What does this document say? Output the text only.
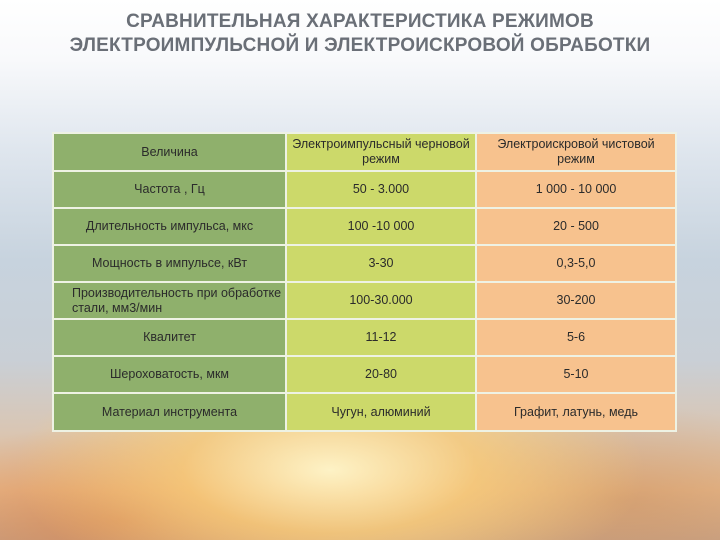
СРАВНИТЕЛЬНАЯ ХАРАКТЕРИСТИКА РЕЖИМОВ
ЭЛЕКТРОИМПУЛЬСНОЙ И ЭЛЕКТРОИСКРОВОЙ ОБРАБОТКИ
Величина	Электроимпульсный черновой режим	Электроискровой чистовой режим
Частота , Гц	50 - 3.000	1 000 - 10 000
Длительность импульса, мкс	100 -10 000	20 - 500
Мощность в импульсе, кВт	3-30	0,3-5,0
Производительность при обработке стали, мм3/мин	100-30.000	30-200
Квалитет	11-12	5-6
Шероховатость, мкм	20-80	5-10
Материал инструмента	Чугун, алюминий	Графит, латунь, медь
